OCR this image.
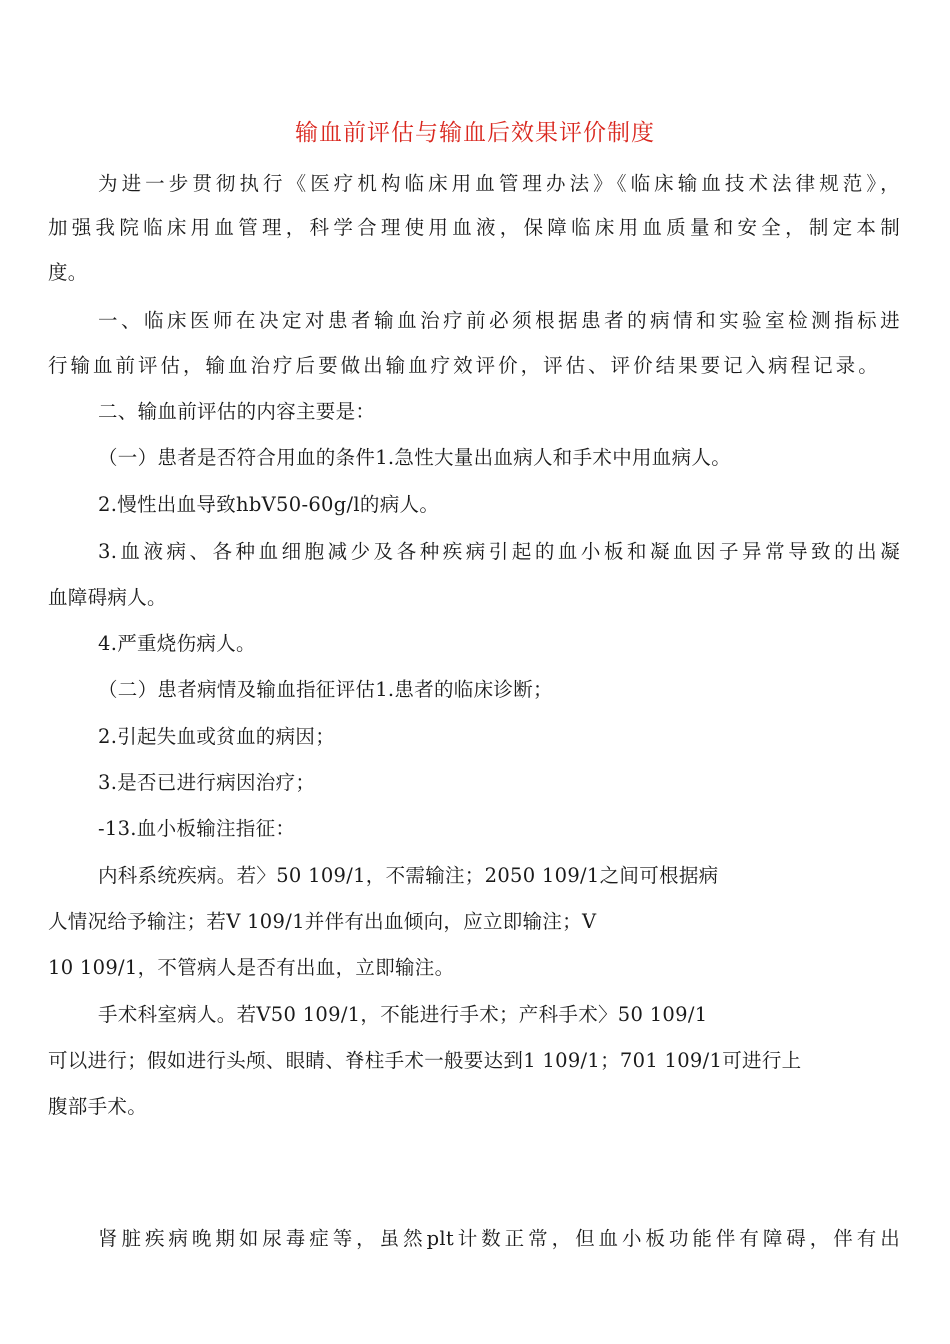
输血前评估与输血后效果评价制度
为进一步贯彻执行《医疗机构临床用血管理办法》《临床输血技术法律规范》，
加强我院临床用血管理，科学合理使用血液，保障临床用血质量和安全，制定本制
度。
一、临床医师在决定对患者输血治疗前必须根据患者的病情和实验室检测指标进
行输血前评估，输血治疗后要做出输血疗效评价，评估、评价结果要记入病程记录。
二、输血前评估的内容主要是：
（一）患者是否符合用血的条件1.急性大量出血病人和手术中用血病人。
2.慢性出血导致hbV50-60g/l的病人。
3.血液病、各种血细胞减少及各种疾病引起的血小板和凝血因子异常导致的出凝
血障碍病人。
4.严重烧伤病人。
（二）患者病情及输血指征评估1.患者的临床诊断；
2.引起失血或贫血的病因；
3.是否已进行病因治疗；
-13.血小板输注指征：
内科系统疾病。若〉50 109/1，不需输注；2050 109/1之间可根据病
人情况给予输注；若V 109/1并伴有出血倾向，应立即输注；V
10 109/1，不管病人是否有出血，立即输注。
手术科室病人。若V50 109/1，不能进行手术；产科手术〉50 109/1
可以进行；假如进行头颅、眼睛、脊柱手术一般要达到1 109/1；701 109/1可进行上
腹部手术。
肾脏疾病晚期如尿毒症等，虽然plt计数正常，但血小板功能伴有障碍，伴有出
